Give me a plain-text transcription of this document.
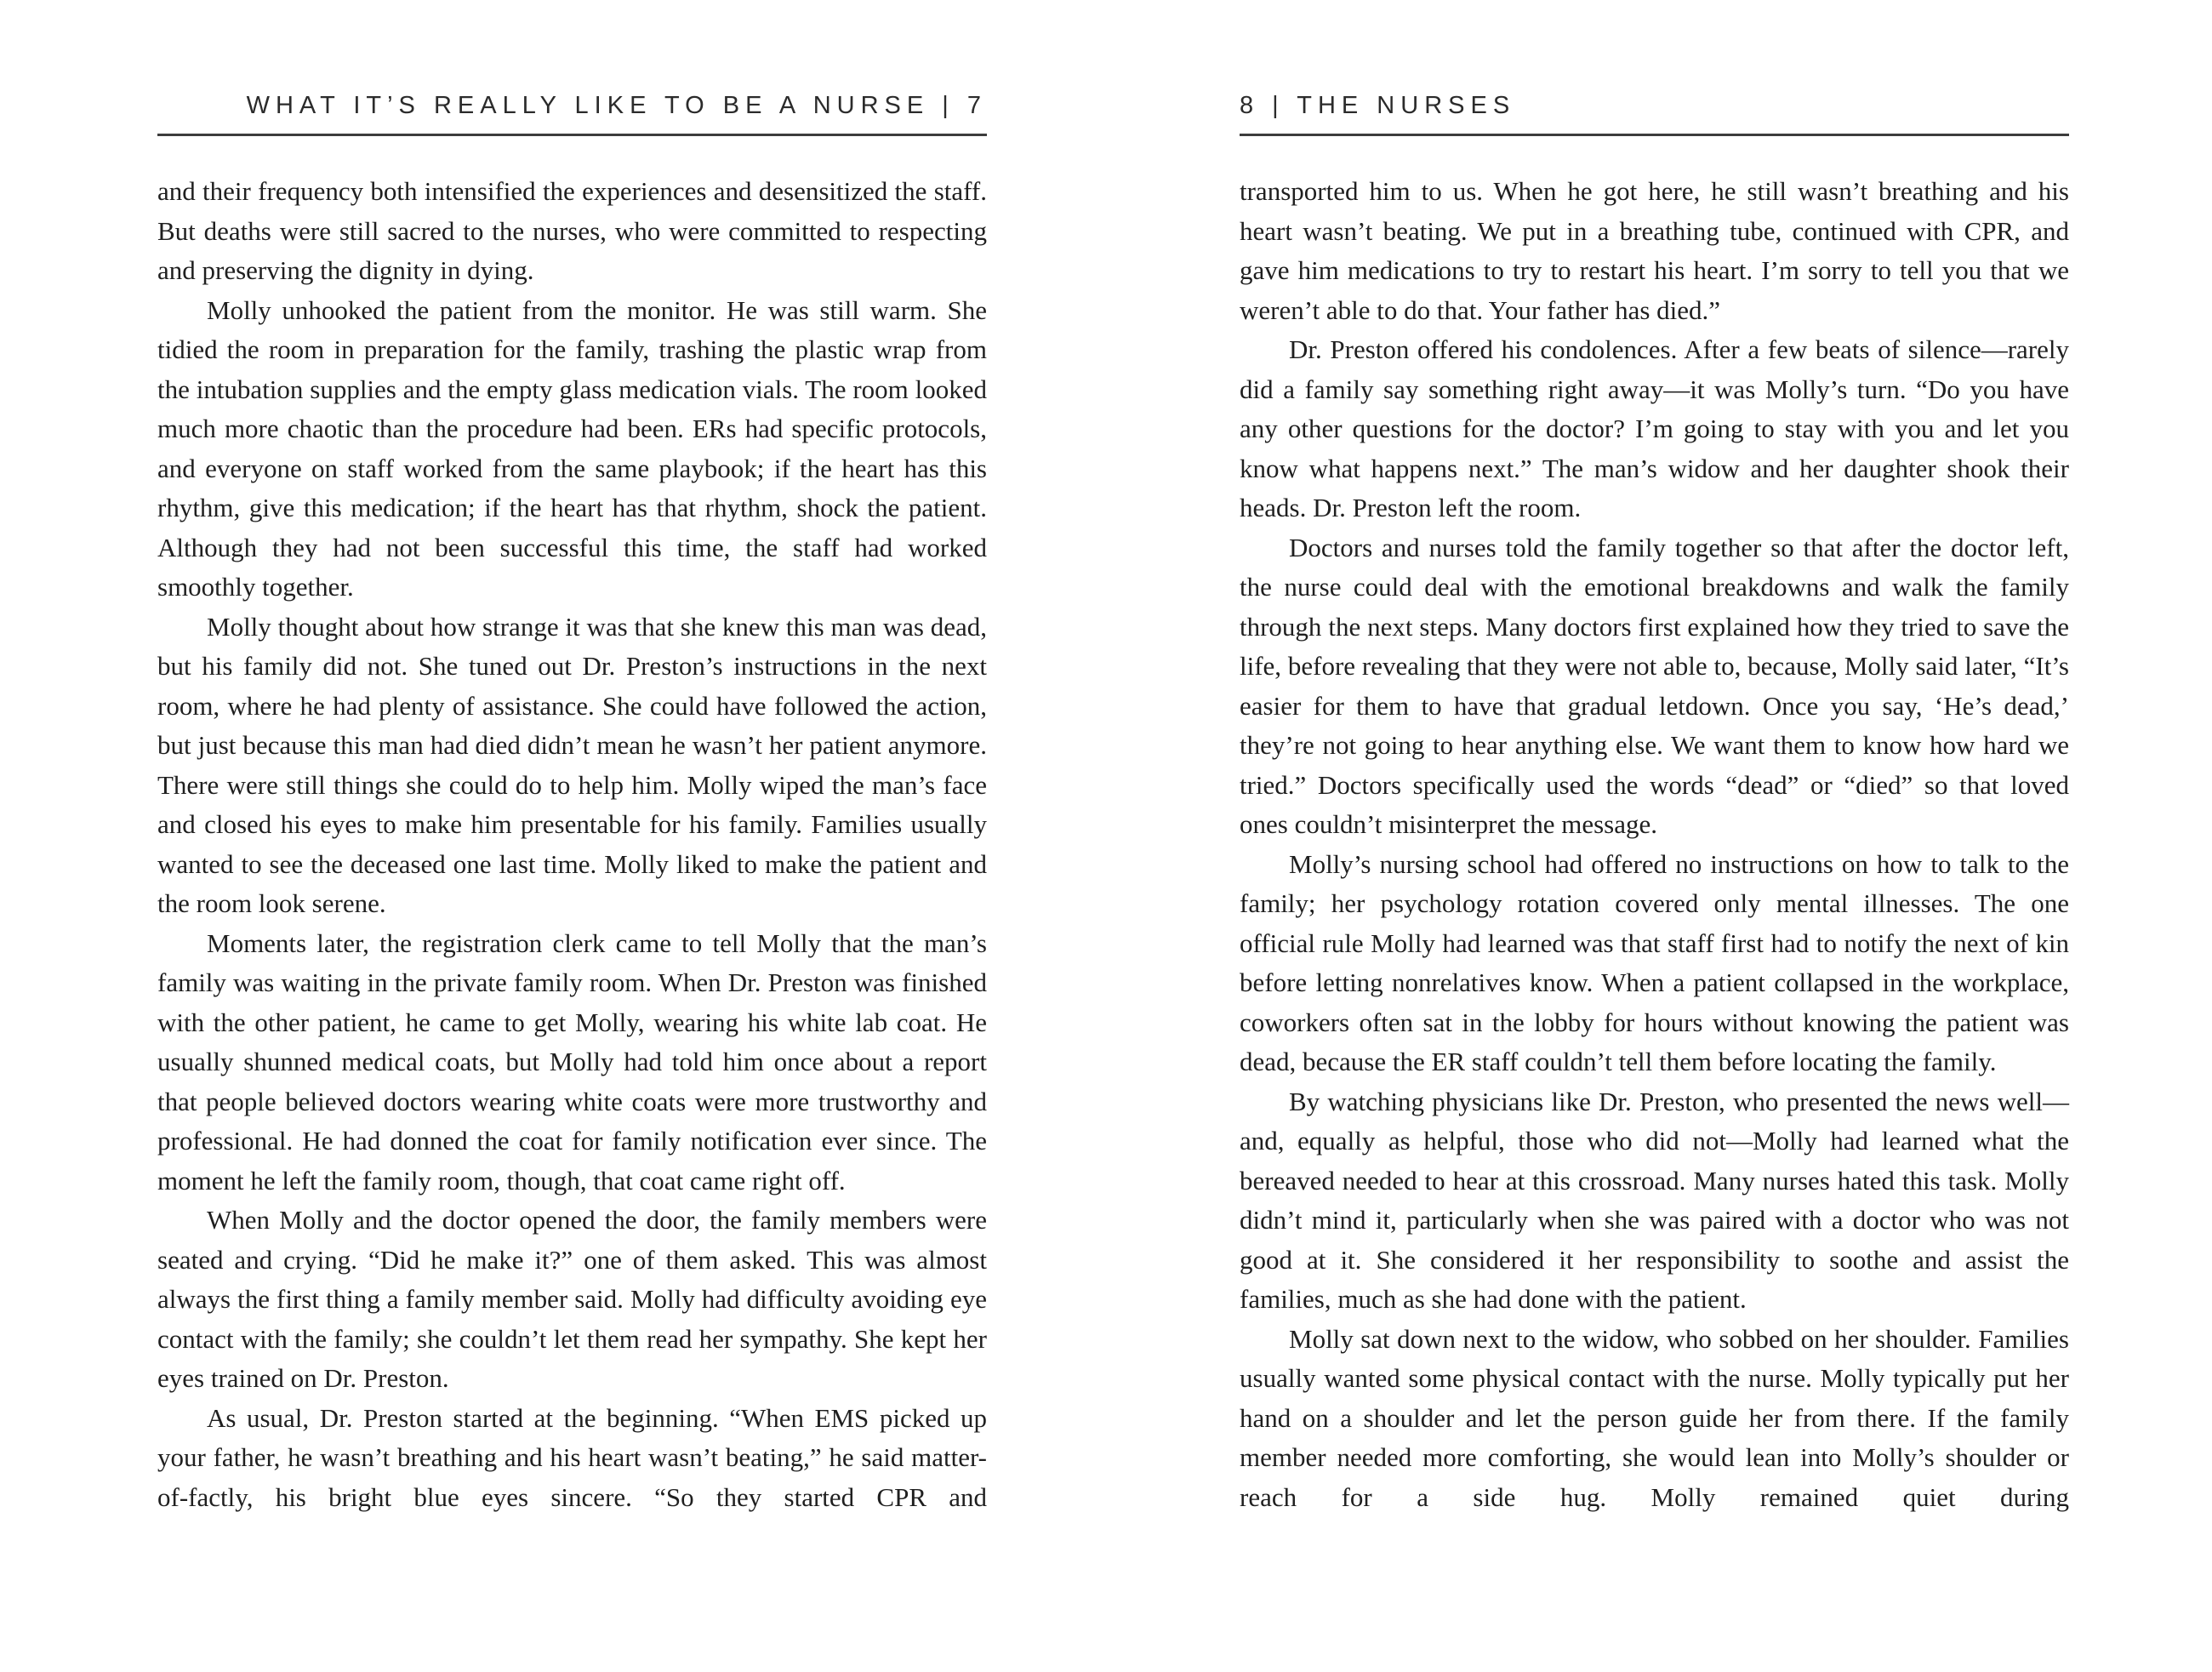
WHAT IT’S REALLY LIKE TO BE A NURSE | 7

and their frequency both intensified the experiences and desensitized the staff. But deaths were still sacred to the nurses, who were committed to respecting and preserving the dignity in dying.

Molly unhooked the patient from the monitor. He was still warm. She tidied the room in preparation for the family, trashing the plastic wrap from the intubation supplies and the empty glass medication vials. The room looked much more chaotic than the procedure had been. ERs had specific protocols, and everyone on staff worked from the same playbook; if the heart has this rhythm, give this medication; if the heart has that rhythm, shock the patient. Although they had not been successful this time, the staff had worked smoothly together.

Molly thought about how strange it was that she knew this man was dead, but his family did not. She tuned out Dr. Preston’s instructions in the next room, where he had plenty of assistance. She could have followed the action, but just because this man had died didn’t mean he wasn’t her patient anymore. There were still things she could do to help him. Molly wiped the man’s face and closed his eyes to make him presentable for his family. Families usually wanted to see the deceased one last time. Molly liked to make the patient and the room look serene.

Moments later, the registration clerk came to tell Molly that the man’s family was waiting in the private family room. When Dr. Preston was finished with the other patient, he came to get Molly, wearing his white lab coat. He usually shunned medical coats, but Molly had told him once about a report that people believed doctors wearing white coats were more trustworthy and professional. He had donned the coat for family notification ever since. The moment he left the family room, though, that coat came right off.

When Molly and the doctor opened the door, the family members were seated and crying. “Did he make it?” one of them asked. This was almost always the first thing a family member said. Molly had difficulty avoiding eye contact with the family; she couldn’t let them read her sympathy. She kept her eyes trained on Dr. Preston.

As usual, Dr. Preston started at the beginning. “When EMS picked up your father, he wasn’t breathing and his heart wasn’t beating,” he said matter-of-factly, his bright blue eyes sincere. “So they started CPR and

8 | THE NURSES

transported him to us. When he got here, he still wasn’t breathing and his heart wasn’t beating. We put in a breathing tube, continued with CPR, and gave him medications to try to restart his heart. I’m sorry to tell you that we weren’t able to do that. Your father has died.”

Dr. Preston offered his condolences. After a few beats of silence—rarely did a family say something right away—it was Molly’s turn. “Do you have any other questions for the doctor? I’m going to stay with you and let you know what happens next.” The man’s widow and her daughter shook their heads. Dr. Preston left the room.

Doctors and nurses told the family together so that after the doctor left, the nurse could deal with the emotional breakdowns and walk the family through the next steps. Many doctors first explained how they tried to save the life, before revealing that they were not able to, because, Molly said later, “It’s easier for them to have that gradual letdown. Once you say, ‘He’s dead,’ they’re not going to hear anything else. We want them to know how hard we tried.” Doctors specifically used the words “dead” or “died” so that loved ones couldn’t misinterpret the message.

Molly’s nursing school had offered no instructions on how to talk to the family; her psychology rotation covered only mental illnesses. The one official rule Molly had learned was that staff first had to notify the next of kin before letting nonrelatives know. When a patient collapsed in the workplace, coworkers often sat in the lobby for hours without knowing the patient was dead, because the ER staff couldn’t tell them before locating the family.

By watching physicians like Dr. Preston, who presented the news well—and, equally as helpful, those who did not—Molly had learned what the bereaved needed to hear at this crossroad. Many nurses hated this task. Molly didn’t mind it, particularly when she was paired with a doctor who was not good at it. She considered it her responsibility to soothe and assist the families, much as she had done with the patient.

Molly sat down next to the widow, who sobbed on her shoulder. Families usually wanted some physical contact with the nurse. Molly typically put her hand on a shoulder and let the person guide her from there. If the family member needed more comforting, she would lean into Molly’s shoulder or reach for a side hug. Molly remained quiet during
